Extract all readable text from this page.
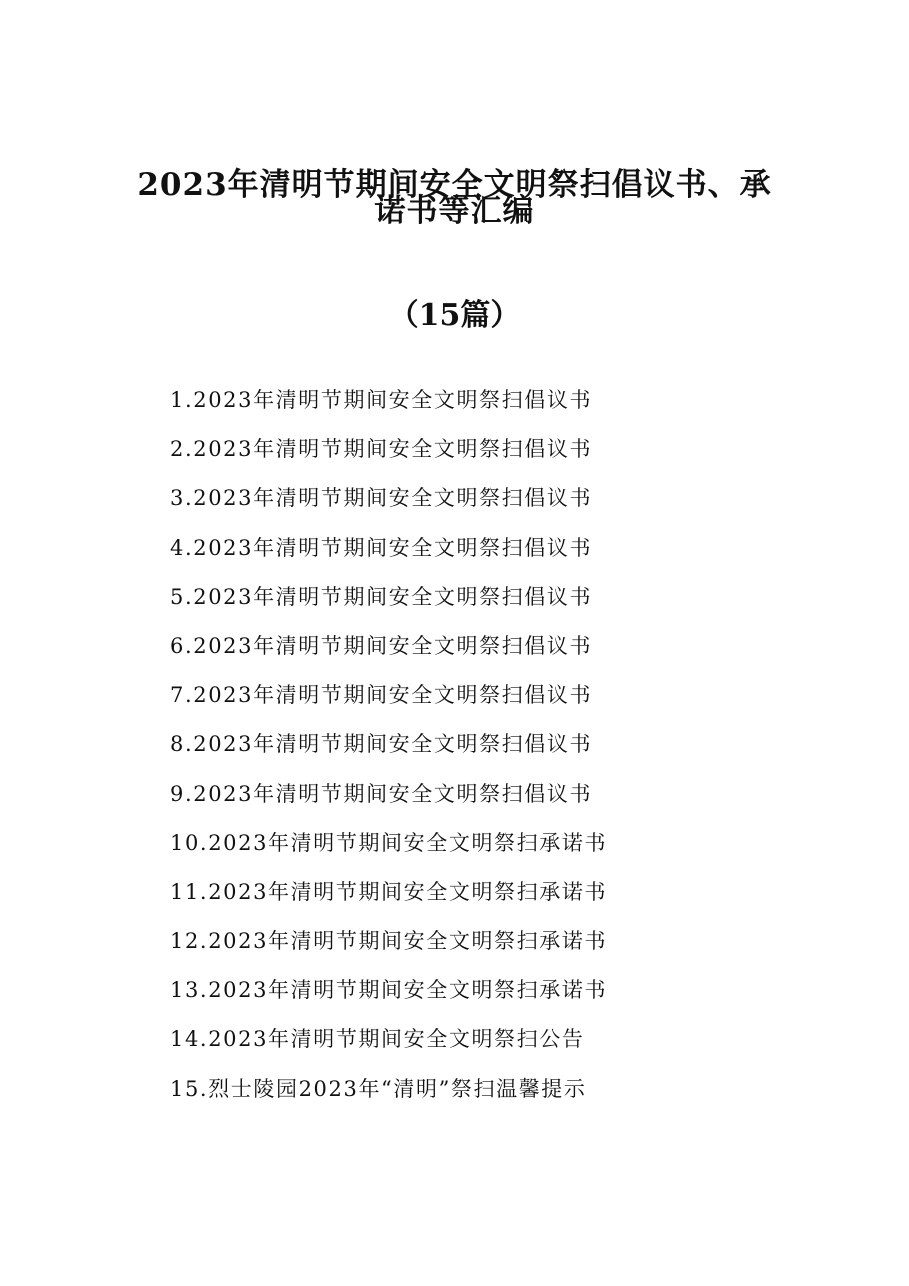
2023年清明节期间安全文明祭扫倡议书、承
诺书等汇编
（15篇）
1.2023年清明节期间安全文明祭扫倡议书
2.2023年清明节期间安全文明祭扫倡议书
3.2023年清明节期间安全文明祭扫倡议书
4.2023年清明节期间安全文明祭扫倡议书
5.2023年清明节期间安全文明祭扫倡议书
6.2023年清明节期间安全文明祭扫倡议书
7.2023年清明节期间安全文明祭扫倡议书
8.2023年清明节期间安全文明祭扫倡议书
9.2023年清明节期间安全文明祭扫倡议书
10.2023年清明节期间安全文明祭扫承诺书
11.2023年清明节期间安全文明祭扫承诺书
12.2023年清明节期间安全文明祭扫承诺书
13.2023年清明节期间安全文明祭扫承诺书
14.2023年清明节期间安全文明祭扫公告
15.烈士陵园2023年“清明”祭扫温馨提示
